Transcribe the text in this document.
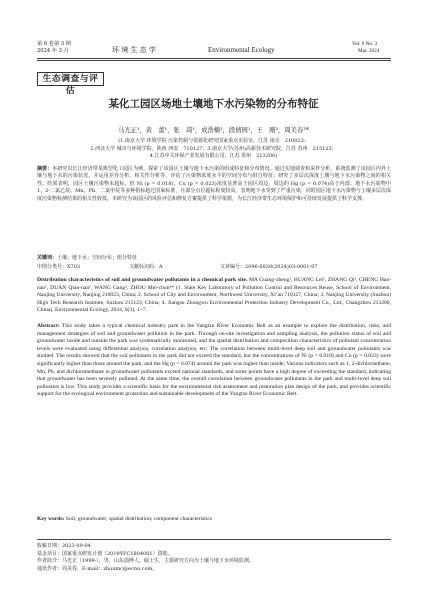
第 6 卷第 3 期
2024 年 3 月	环 境 生 态 学	Environmental Ecology
Vol. 6 No. 3
Mar. 2024
生态调查与评估
某化工园区场地土壤地下水污染物的分布特征
马光正¹，黄　蕾¹，张　琦¹，成浩楠¹，段倩园¹，王　刚²，周美春³*
(1.南京大学 环境学院 污染控制与资源化研究国家重点实验室，江苏 南京　210023；
2.西北大学 城市与环境学院，陕西 西安　710127；3.南京大学(苏州)高新技术研究院，江苏 苏州　215123；
4.江苏中关环保产业发展有限公司，江苏 常州　213200)
摘要：本研究以长江经济带某典型化工园区为例，探索了该园区土壤与地下水污染的组成特征和分布情况。通过实地调查和采样分析，系统监测了该园区内外土壤与地下水的污染状况，并运用差异分析、相关性分析等，评估了污染物浓度水平的空间分布与组分特征；研究了多层次深度土壤与地下水污染物之间的相关性。结果表明，园区土壤污染物未超标，但 Ni (p = 0.018)、Cu (p = 0.023)浓度显著高于园区周边，周边的 Hg (p = 0.074)高于内部；地下水污染物中 1，2-二氯乙烷、Mn、Pb、二氯甲烷等多种指标超过国家标准，且部分点位超标程度较高，表明地下水受到了严重污染，同时园区地下水污染物与土壤多层次深度污染物检测结果的相关性较低。本研究为该园区的风险评估和修复方案提供了科学依据，为长江经济带生态环境保护和可持续发展提供了科学支撑。
关键词：土壤；地下水；空间分布；组分特征
中图分类号：X703	文献标识码：A	文章编号：2096-6830(2024)03-0001-07
Distribution characteristics of soil and groundwater pollutants in a chemical park site. MA Guang-zheng¹, HUANG Lei¹, ZHANG Qi¹, CHENG Hao-nan¹, DUAN Qian-nan¹, WANG Gang², ZHOU Mei-chun³* (1. State Key Laboratory of Pollution Control and Resources Reuse, School of Environment, Nanjing University, Nanjing 210023, China; 2. School of City and Environment, Northwest University, Xi’an 710127, China; 3. Nanjing University (Suzhou) High Tech Research Institute, Suzhou 215123, China; 4. Jiangsu Zhongwu Environmental Protection Industry Development Co., Ltd., Changzhou 213200, China). Environmental Ecology, 2024, 6(3), 1−7.
Abstract: This study takes a typical chemical industry park in the Yangtze River Economic Belt as an example to explore the distribution, risks, and management strategies of soil and groundwater pollution in the park. Through on-site investigation and sampling analysis, the pollution status of soil and groundwater inside and outside the park was systematically monitored, and the spatial distribution and composition characteristics of pollutant concentration levels were evaluated using differential analysis, correlation analysis, etc; The correlation between multi-level deep soil and groundwater pollutants was studied. The results showed that the soil pollutants in the park did not exceed the standard, but the concentrations of Ni (p = 0.018) and Cu (p = 0.023) were significantly higher than those around the park, and the Hg (p = 0.074) around the park was higher than inside; Various indicators such as 1, 2-dichloroethane, Mn, Pb, and dichloromethane in groundwater pollutants exceed national standards, and some points have a high degree of exceeding the standard, indicating that groundwater has been severely polluted. At the same time, the overall correlation between groundwater pollutants in the park and multi-level deep soil pollutants is low. This study provides a scientific basis for the environmental risk assessment and restoration plan design of the park, and provides scientific support for the ecological environment protection and sustainable development of the Yangtze River Economic Belt.
Key words: Soil; groundwater; spatial distribution; component characteristics
收稿日期：2023-09-04
基金项目：国家重点研发计划（2019YFC1804001）资助。
作者简介：马光正（1999-），男，山东淄博人，硕士生，主要研究方向为土壤与地下水环境监测。
通讯作者：周美春，E-mail：zhoumc@ecnu.com。
